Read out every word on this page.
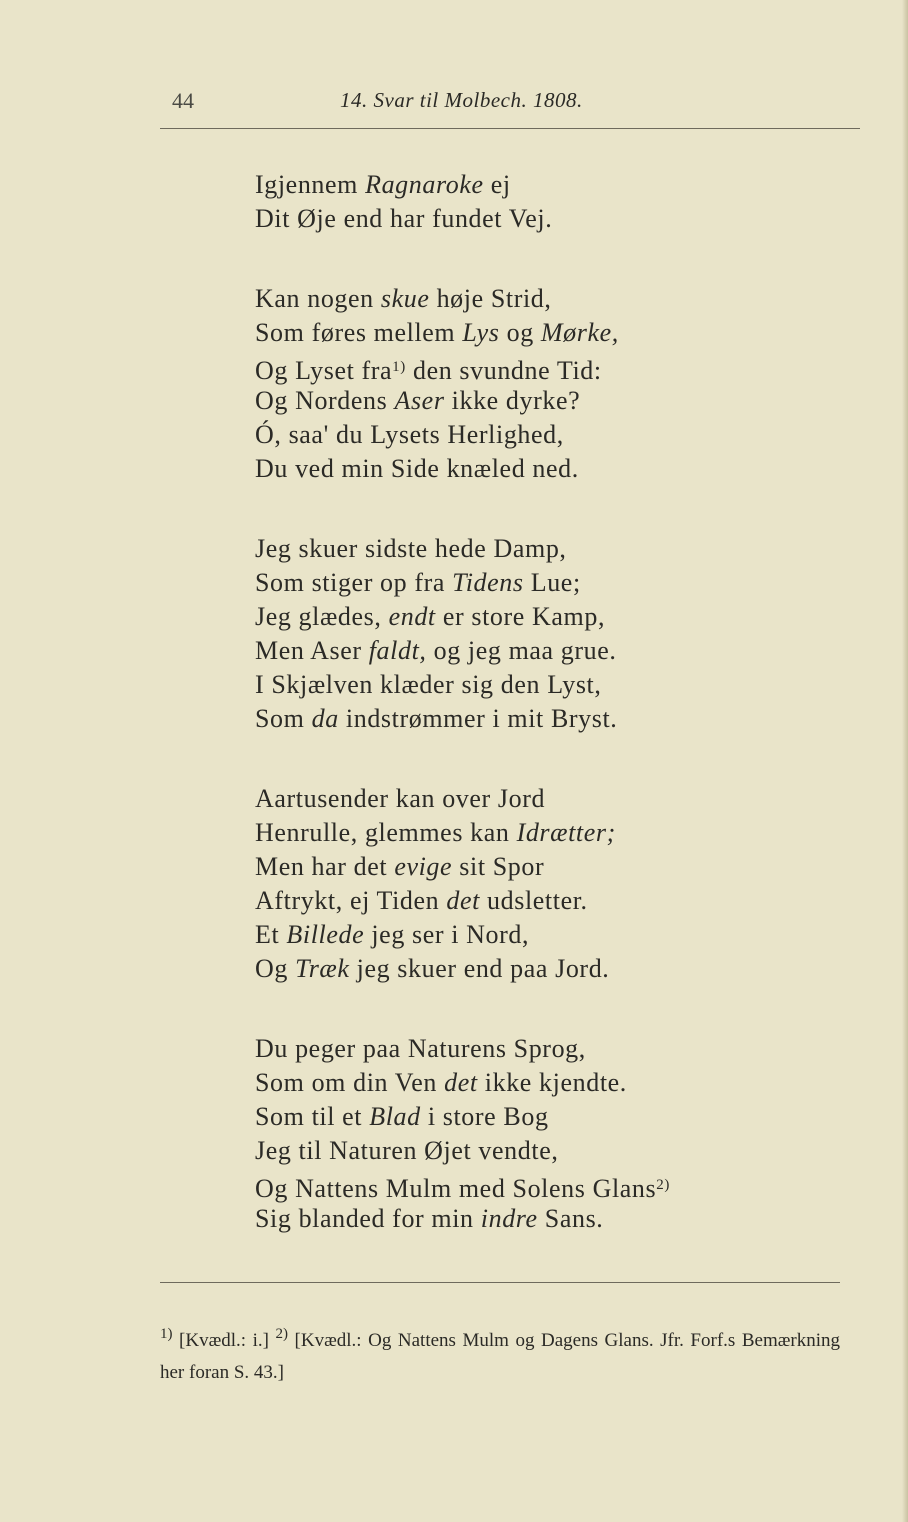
44	14. Svar til Molbech. 1808.
Igjennem Ragnaroke ej
Dit Øje end har fundet Vej.
Kan nogen skue høje Strid,
Som føres mellem Lys og Mørke,
Og Lyset fra$^{1)}$ den svundne Tid:
Og Nordens Aser ikke dyrke?
Ó, saa' du Lysets Herlighed,
Du ved min Side knæled ned.
Jeg skuer sidste hede Damp,
Som stiger op fra Tidens Lue;
Jeg glædes, endt er store Kamp,
Men Aser faldt, og jeg maa grue.
I Skjælven klæder sig den Lyst,
Som da indstrømmer i mit Bryst.
Aartusender kan over Jord
Henrulle, glemmes kan Idrætter;
Men har det evige sit Spor
Aftrykt, ej Tiden det udsletter.
Et Billede jeg ser i Nord,
Og Træk jeg skuer end paa Jord.
Du peger paa Naturens Sprog,
Som om din Ven det ikke kjendte.
Som til et Blad i store Bog
Jeg til Naturen Øjet vendte,
Og Nattens Mulm med Solens Glans$^{2)}$
Sig blanded for min indre Sans.
$^{1)}$ [Kvædl.: i.] $^{2)}$ [Kvædl.: Og Nattens Mulm og Dagens Glans. Jfr. Forf.s Bemærkning her foran S. 43.]
